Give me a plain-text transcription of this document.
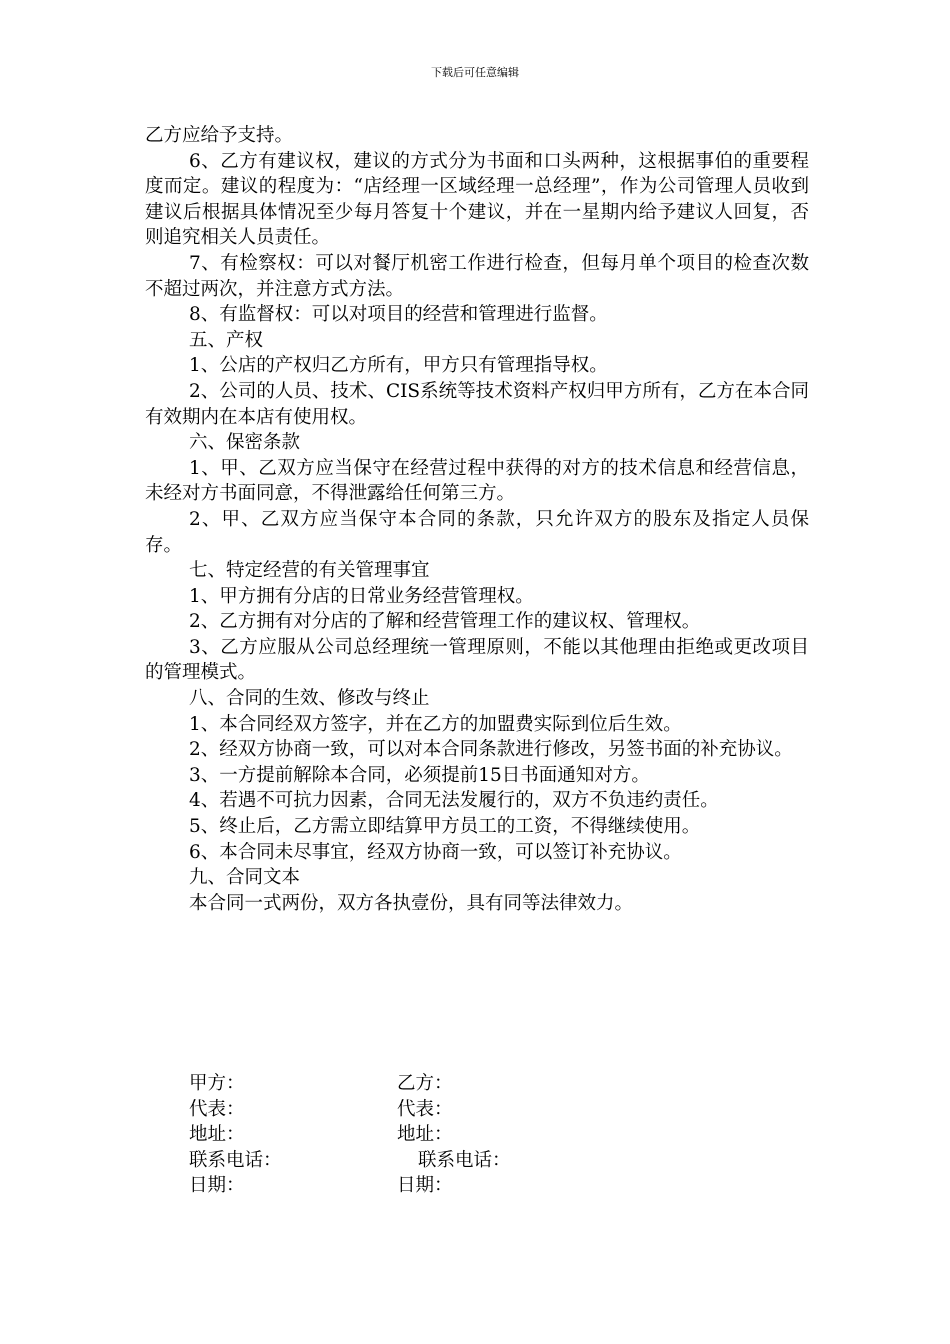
下载后可任意编辑

乙方应给予支持。

6、乙方有建议权，建议的方式分为书面和口头两种，这根据事伯的重要程度而定。建议的程度为：“店经理一区域经理一总经理”，作为公司管理人员收到建议后根据具体情况至少每月答复十个建议，并在一星期内给予建议人回复，否则追究相关人员责任。

7、有检察权：可以对餐厅机密工作进行检查，但每月单个项目的检查次数不超过两次，并注意方式方法。

8、有监督权：可以对项目的经营和管理进行监督。

五、产权

1、公店的产权归乙方所有，甲方只有管理指导权。

2、公司的人员、技术、CIS系统等技术资料产权归甲方所有，乙方在本合同有效期内在本店有使用权。

六、保密条款

1、甲、乙双方应当保守在经营过程中获得的对方的技术信息和经营信息，未经对方书面同意，不得泄露给任何第三方。

2、甲、乙双方应当保守本合同的条款，只允许双方的股东及指定人员保存。

七、特定经营的有关管理事宜

1、甲方拥有分店的日常业务经营管理权。

2、乙方拥有对分店的了解和经营管理工作的建议权、管理权。

3、乙方应服从公司总经理统一管理原则，不能以其他理由拒绝或更改项目的管理模式。

八、合同的生效、修改与终止

1、本合同经双方签字，并在乙方的加盟费实际到位后生效。

2、经双方协商一致，可以对本合同条款进行修改，另签书面的补充协议。

3、一方提前解除本合同，必须提前15日书面通知对方。

4、若遇不可抗力因素，合同无法发履行的，双方不负违约责任。

5、终止后，乙方需立即结算甲方员工的工资，不得继续使用。

6、本合同未尽事宜，经双方协商一致，可以签订补充协议。

九、合同文本

本合同一式两份，双方各执壹份，具有同等法律效力。

甲方：	乙方：
代表：	代表：
地址：	地址：
联系电话：	联系电话：
日期：	日期：
